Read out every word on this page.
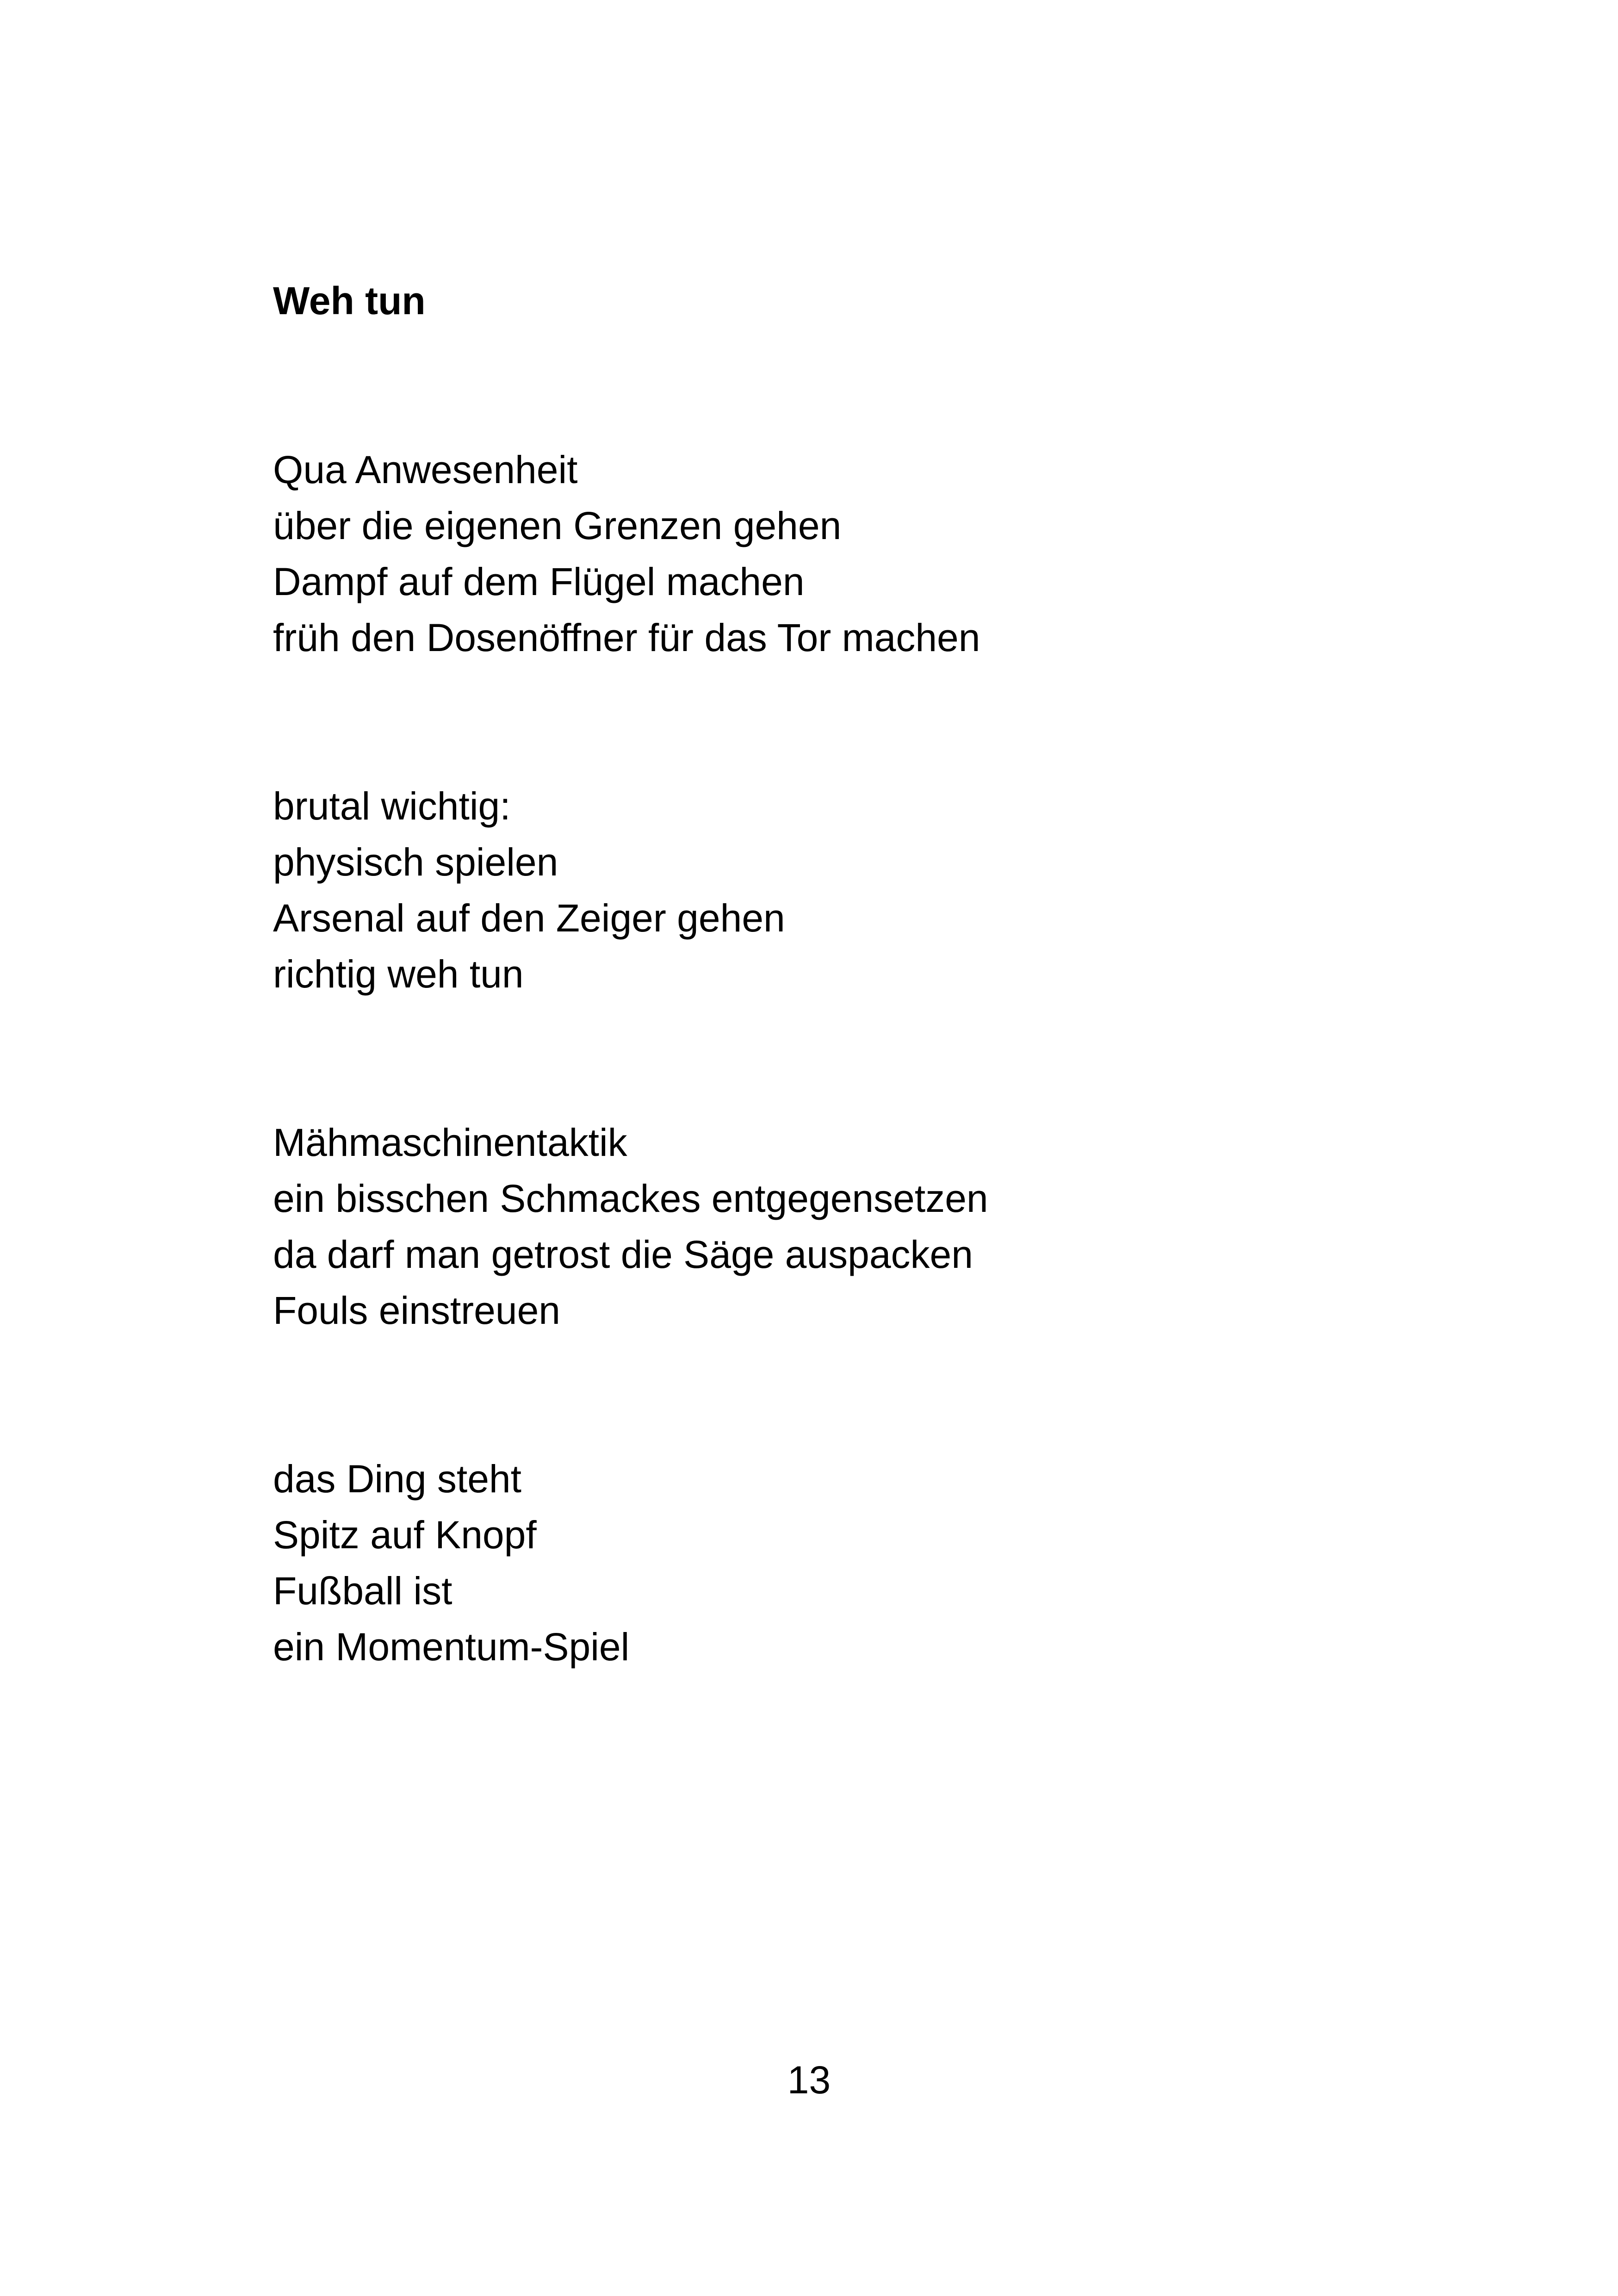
Weh tun
Qua Anwesenheit
über die eigenen Grenzen gehen
Dampf auf dem Flügel machen
früh den Dosenöffner für das Tor machen
brutal wichtig:
physisch spielen
Arsenal auf den Zeiger gehen
richtig weh tun
Mähmaschinentaktik
ein bisschen Schmackes entgegensetzen
da darf man getrost die Säge auspacken
Fouls einstreuen
das Ding steht
Spitz auf Knopf
Fußball ist
ein Momentum-Spiel
13
